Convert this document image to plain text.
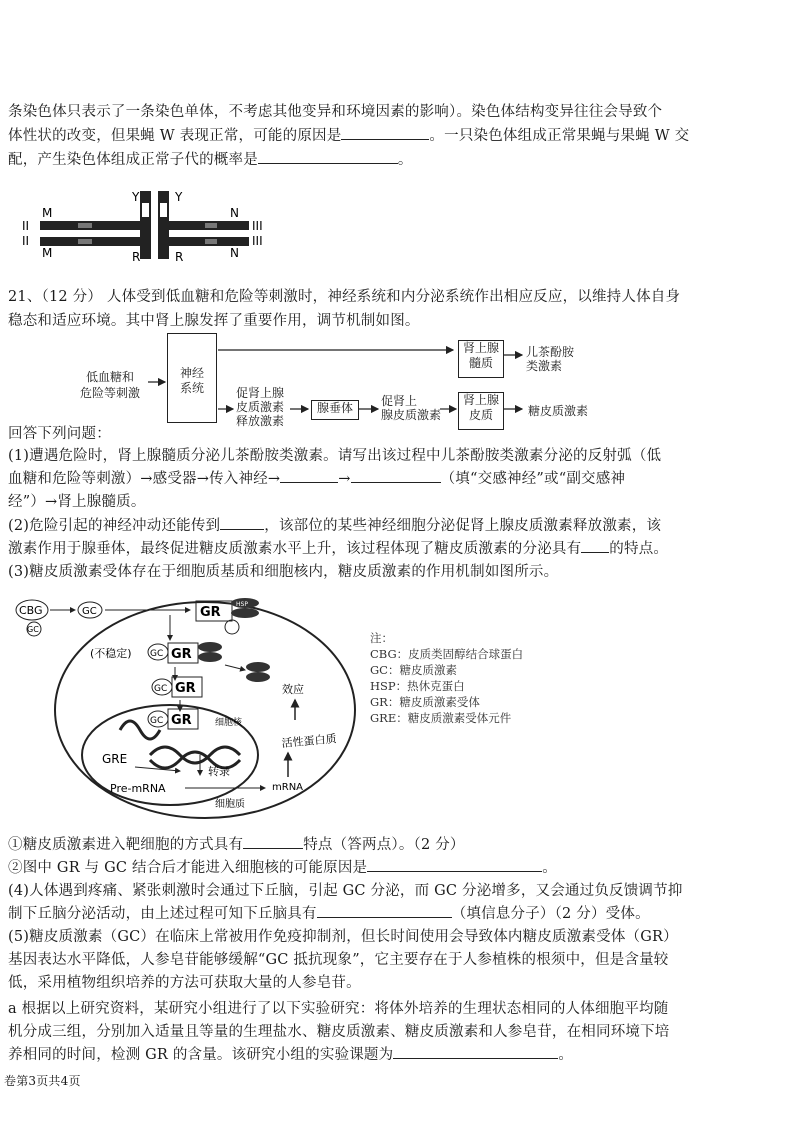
条染色体只表示了一条染色单体，不考虑其他变异和环境因素的影响）。染色体结构变异往往会导致个
体性状的改变，但果蝇 W 表现正常，可能的原因是	。一只染色体组成正常果蝇与果蝇 W 交
配，产生染色体组成正常子代的概率是	。
M
II
II
M
Y	Y
R	R
N
N
III
III
21、（12 分） 人体受到低血糖和危险等刺激时，神经系统和内分泌系统作出相应反应，以维持人体自身
稳态和适应环境。其中肾上腺发挥了重要作用，调节机制如图。
低血糖和
危险等刺激
神经
系统	促肾上腺
皮质激素
释放激素
腺垂体	促肾上
腺皮质激素
肾上腺
髓质
儿茶酚胺
类激素
肾上腺
皮质	糖皮质激素
回答下列问题：
(1)遭遇危险时，肾上腺髓质分泌儿茶酚胺类激素。请写出该过程中儿茶酚胺类激素分泌的反射弧（低
血糖和危险等刺激）→感受器→传入神经→	→	（填“交感神经”或“副交感神
经”）→肾上腺髓质。
(2)危险引起的神经冲动还能传到	，该部位的某些神经细胞分泌促肾上腺皮质激素释放激素，该
激素作用于腺垂体，最终促进糖皮质激素水平上升，该过程体现了糖皮质激素的分泌具有 的特点。
(3)糖皮质激素受体存在于细胞质基质和细胞核内，糖皮质激素的作用机制如图所示。
CBG
GC
GC	GR
HSP
(不稳定) GC GR
GC GR
GC GR	细胞核
GRE
转录
Pre-mRNA	mRNA
细胞质
活性蛋白质
效应
注：
CBG：皮质类固醇结合球蛋白
GC：糖皮质激素
HSP：热休克蛋白
GR：糖皮质激素受体
GRE：糖皮质激素受体元件
①糖皮质激素进入靶细胞的方式具有	特点（答两点）。（2 分）
②图中 GR 与 GC 结合后才能进入细胞核的可能原因是	。
(4)人体遇到疼痛、紧张刺激时会通过下丘脑，引起 GC 分泌，而 GC 分泌增多，又会通过负反馈调节抑
制下丘脑分泌活动，由上述过程可知下丘脑具有	（填信息分子）（2 分）受体。
(5)糖皮质激素（GC）在临床上常被用作免疫抑制剂，但长时间使用会导致体内糖皮质激素受体（GR）
基因表达水平降低，人参皂苷能够缓解“GC 抵抗现象”，它主要存在于人参植株的根须中，但是含量较
低，采用植物组织培养的方法可获取大量的人参皂苷。
a 根据以上研究资料，某研究小组进行了以下实验研究：将体外培养的生理状态相同的人体细胞平均随
机分成三组，分别加入适量且等量的生理盐水、糖皮质激素、糖皮质激素和人参皂苷，在相同环境下培
养相同的时间，检测 GR 的含量。该研究小组的实验课题为	。
卷第3页共4页
